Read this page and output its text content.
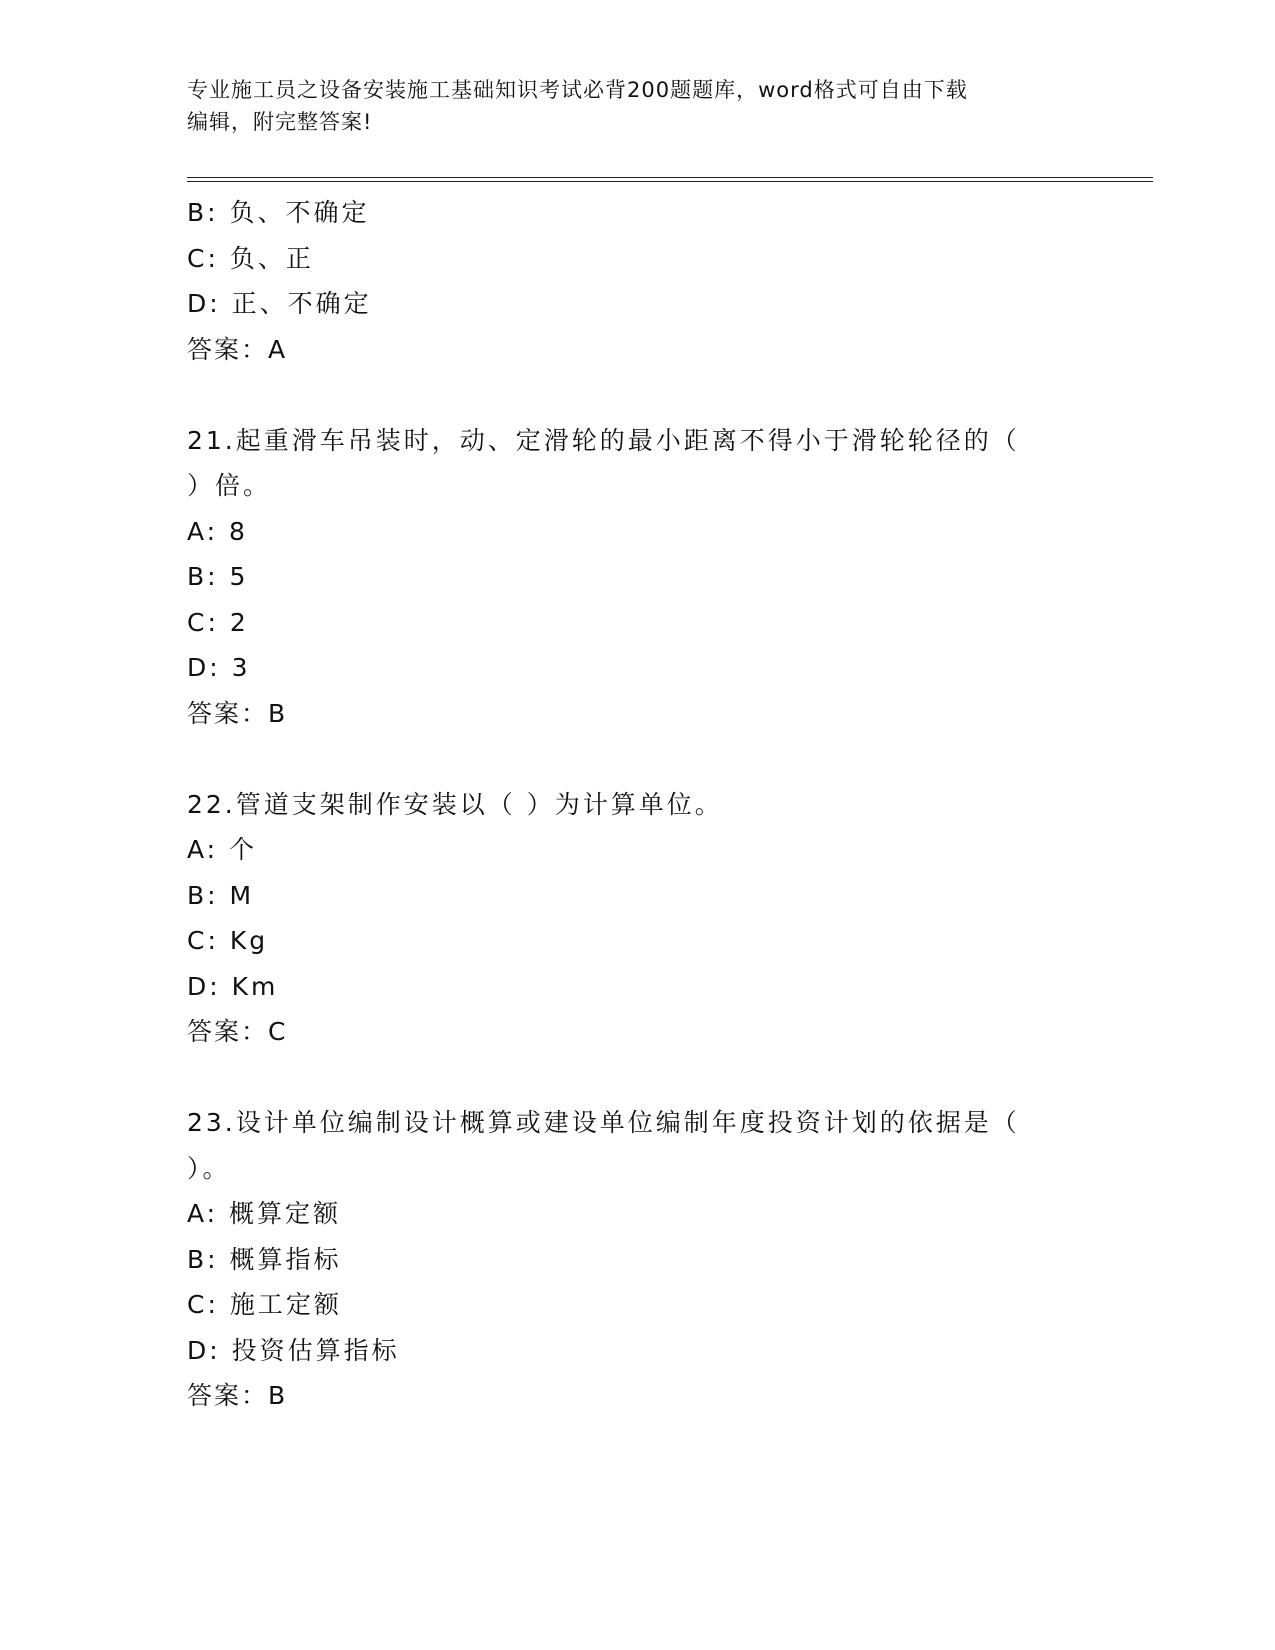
专业施工员之设备安装施工基础知识考试必背200题题库，word格式可自由下载
编辑，附完整答案!
B: 负、不确定
C: 负、正
D: 正、不确定
答案：A
21.起重滑车吊装时，动、定滑轮的最小距离不得小于滑轮轮径的（
）倍。
A: 8
B: 5
C: 2
D: 3
答案：B
22.管道支架制作安装以（ ）为计算单位。
A: 个
B: M
C: Kg
D: Km
答案：C
23.设计单位编制设计概算或建设单位编制年度投资计划的依据是（
）。
A: 概算定额
B: 概算指标
C: 施工定额
D: 投资估算指标
答案：B
